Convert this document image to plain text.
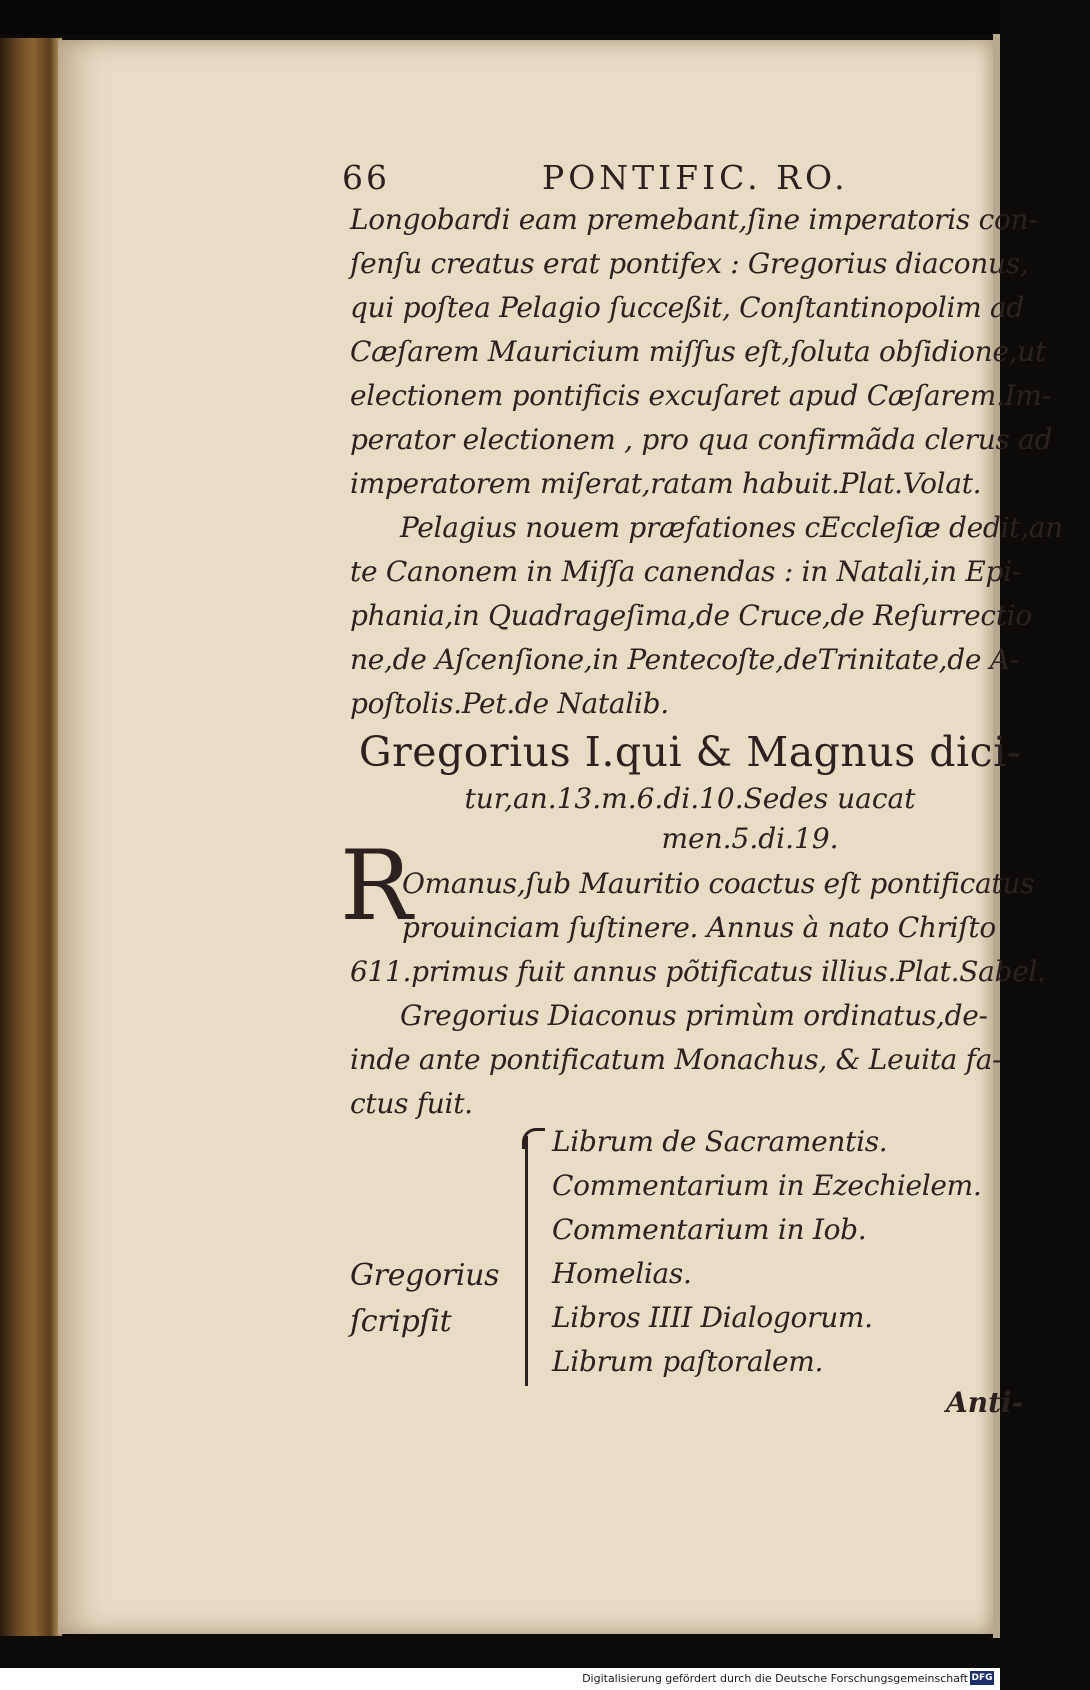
66	PONTIFIC. RO.
Longobardi eam premebant,ſine imperatoris con-
ſenſu creatus erat pontifex : Gregorius diaconus,
qui poſtea Pelagio ſucceßit, Conſtantinopolim ad
Cæſarem Mauricium miſſus eſt,ſoluta obſidione,ut
electionem pontificis excuſaret apud Cæſarem.Im-
perator electionem , pro qua confirmãda clerus ad
imperatorem miſerat,ratam habuit.Plat.Volat.
Pelagius nouem præfationes cEccleſiæ dedit,an
te Canonem in Miſſa canendas : in Natali,in Epi-
phania,in Quadrageſima,de Cruce,de Reſurrectio
ne,de Aſcenſione,in Pentecoſte,deTrinitate,de A-
poſtolis.Pet.de Natalib.
Gregorius I.qui & Magnus dici-
tur,an.13.m.6.di.10.Sedes uacat
men.5.di.19.
R
Omanus,ſub Mauritio coactus eſt pontificatus
prouinciam ſuſtinere. Annus à nato Chriſto
611.primus fuit annus põtificatus illius.Plat.Sabel.
Gregorius Diaconus primùm ordinatus,de-
inde ante pontificatum Monachus, & Leuita fa-
ctus fuit.
Gregorius
ſcripſit
Librum de Sacramentis.
Commentarium in Ezechielem.
Commentarium in Iob.
Homelias.
Libros IIII Dialogorum.
Librum paſtoralem.
Anti-
Digitalisierung gefördert durch die Deutsche Forschungsgemeinschaft DFG
